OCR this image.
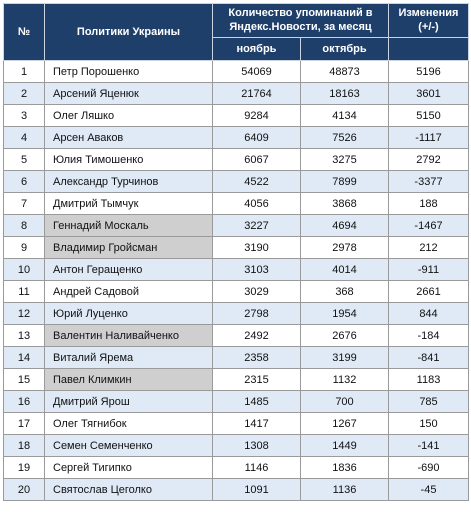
№	Политики Украины	Количество упоминаний в Яндекс.Новости, за месяц		Изменения (+/-)
		ноябрь	октябрь	
1	Петр Порошенко	54069	48873	5196
2	Арсений Яценюк	21764	18163	3601
3	Олег Ляшко	9284	4134	5150
4	Арсен Аваков	6409	7526	-1117
5	Юлия Тимошенко	6067	3275	2792
6	Александр Турчинов	4522	7899	-3377
7	Дмитрий Тымчук	4056	3868	188
8	Геннадий Москаль	3227	4694	-1467
9	Владимир Гройсман	3190	2978	212
10	Антон Геращенко	3103	4014	-911
11	Андрей Садовой	3029	368	2661
12	Юрий Луценко	2798	1954	844
13	Валентин Наливайченко	2492	2676	-184
14	Виталий Ярема	2358	3199	-841
15	Павел Климкин	2315	1132	1183
16	Дмитрий Ярош	1485	700	785
17	Олег Тягнибок	1417	1267	150
18	Семен Семенченко	1308	1449	-141
19	Сергей Тигипко	1146	1836	-690
20	Святослав Цеголко	1091	1136	-45
